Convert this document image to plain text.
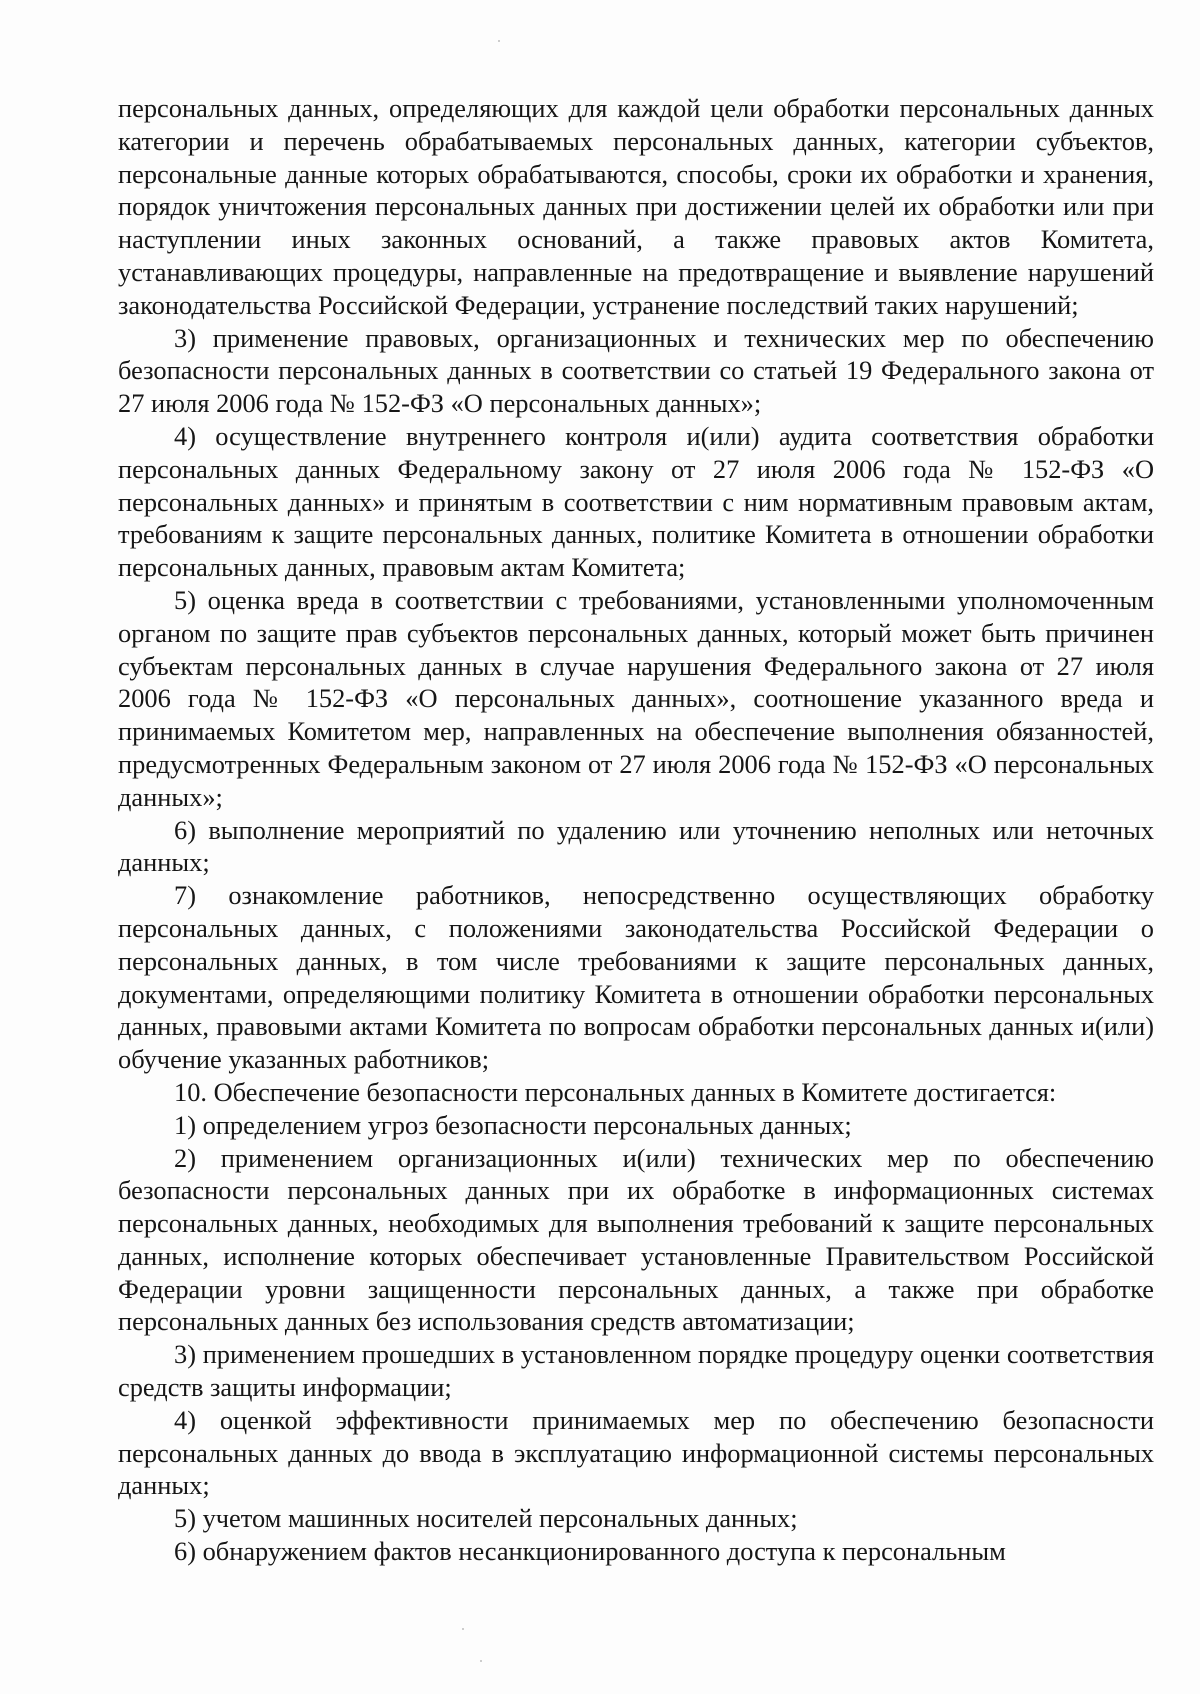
персональных данных, определяющих для каждой цели обработки персональных данных категории и перечень обрабатываемых персональных данных, категории субъектов, персональные данные которых обрабатываются, способы, сроки их обработки и хранения, порядок уничтожения персональных данных при достижении целей их обработки или при наступлении иных законных оснований, а также правовых актов Комитета, устанавливающих процедуры, направленные на предотвращение и выявление нарушений законодательства Российской Федерации, устранение последствий таких нарушений;

3) применение правовых, организационных и технических мер по обеспечению безопасности персональных данных в соответствии со статьей 19 Федерального закона от 27 июля 2006 года № 152-ФЗ «О персональных данных»;

4) осуществление внутреннего контроля и(или) аудита соответствия обработки персональных данных Федеральному закону от 27 июля 2006 года № 152-ФЗ «О персональных данных» и принятым в соответствии с ним нормативным правовым актам, требованиям к защите персональных данных, политике Комитета в отношении обработки персональных данных, правовым актам Комитета;

5) оценка вреда в соответствии с требованиями, установленными уполномоченным органом по защите прав субъектов персональных данных, который может быть причинен субъектам персональных данных в случае нарушения Федерального закона от 27 июля 2006 года № 152-ФЗ «О персональных данных», соотношение указанного вреда и принимаемых Комитетом мер, направленных на обеспечение выполнения обязанностей, предусмотренных Федеральным законом от 27 июля 2006 года № 152-ФЗ «О персональных данных»;

6) выполнение мероприятий по удалению или уточнению неполных или неточных данных;

7) ознакомление работников, непосредственно осуществляющих обработку персональных данных, с положениями законодательства Российской Федерации о персональных данных, в том числе требованиями к защите персональных данных, документами, определяющими политику Комитета в отношении обработки персональных данных, правовыми актами Комитета по вопросам обработки персональных данных и(или) обучение указанных работников;

10. Обеспечение безопасности персональных данных в Комитете достигается:

1) определением угроз безопасности персональных данных;

2) применением организационных и(или) технических мер по обеспечению безопасности персональных данных при их обработке в информационных системах персональных данных, необходимых для выполнения требований к защите персональных данных, исполнение которых обеспечивает установленные Правительством Российской Федерации уровни защищенности персональных данных, а также при обработке персональных данных без использования средств автоматизации;

3) применением прошедших в установленном порядке процедуру оценки соответствия средств защиты информации;

4) оценкой эффективности принимаемых мер по обеспечению безопасности персональных данных до ввода в эксплуатацию информационной системы персональных данных;

5) учетом машинных носителей персональных данных;

6) обнаружением фактов несанкционированного доступа к персональным
